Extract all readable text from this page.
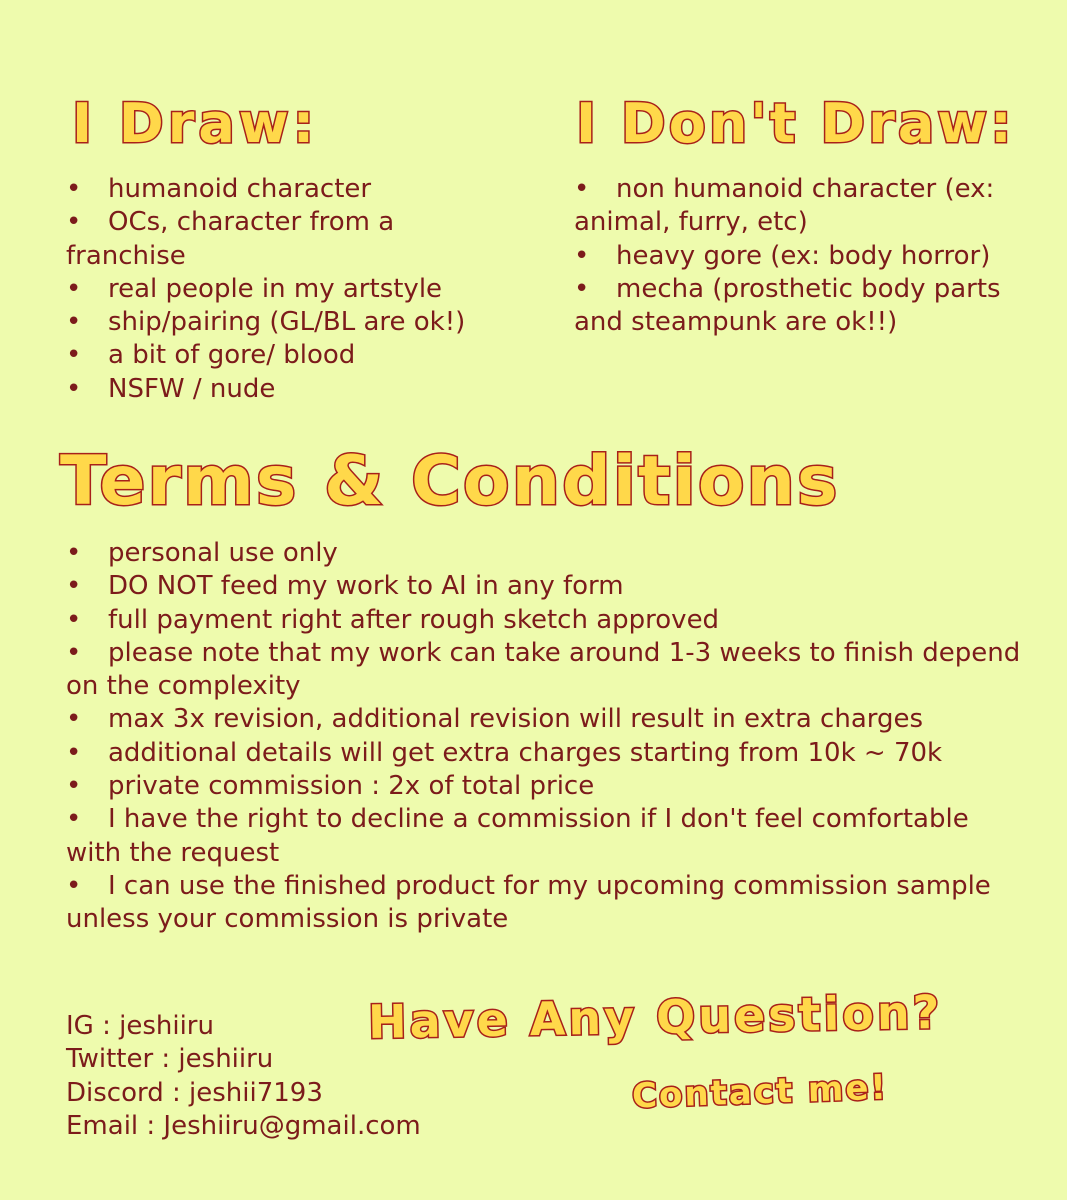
I Draw:
• humanoid character
• OCs, character from a franchise
• real people in my artstyle
• ship/pairing (GL/BL are ok!)
• a bit of gore/ blood
• NSFW / nude
I Don't Draw:
• non humanoid character (ex: animal, furry, etc)
• heavy gore (ex: body horror)
• mecha (prosthetic body parts and steampunk are ok!!)
Terms & Conditions
• personal use only
• DO NOT feed my work to AI in any form
• full payment right after rough sketch approved
• please note that my work can take around 1-3 weeks to finish depend on the complexity
• max 3x revision, additional revision will result in extra charges
• additional details will get extra charges starting from 10k ~ 70k
• private commission : 2x of total price
• I have the right to decline a commission if I don't feel comfortable with the request
• I can use the finished product for my upcoming commission sample unless your commission is private
IG : jeshiiru
Twitter : jeshiiru
Discord : jeshii7193
Email : Jeshiiru@gmail.com
Have Any Question?
Contact me!
